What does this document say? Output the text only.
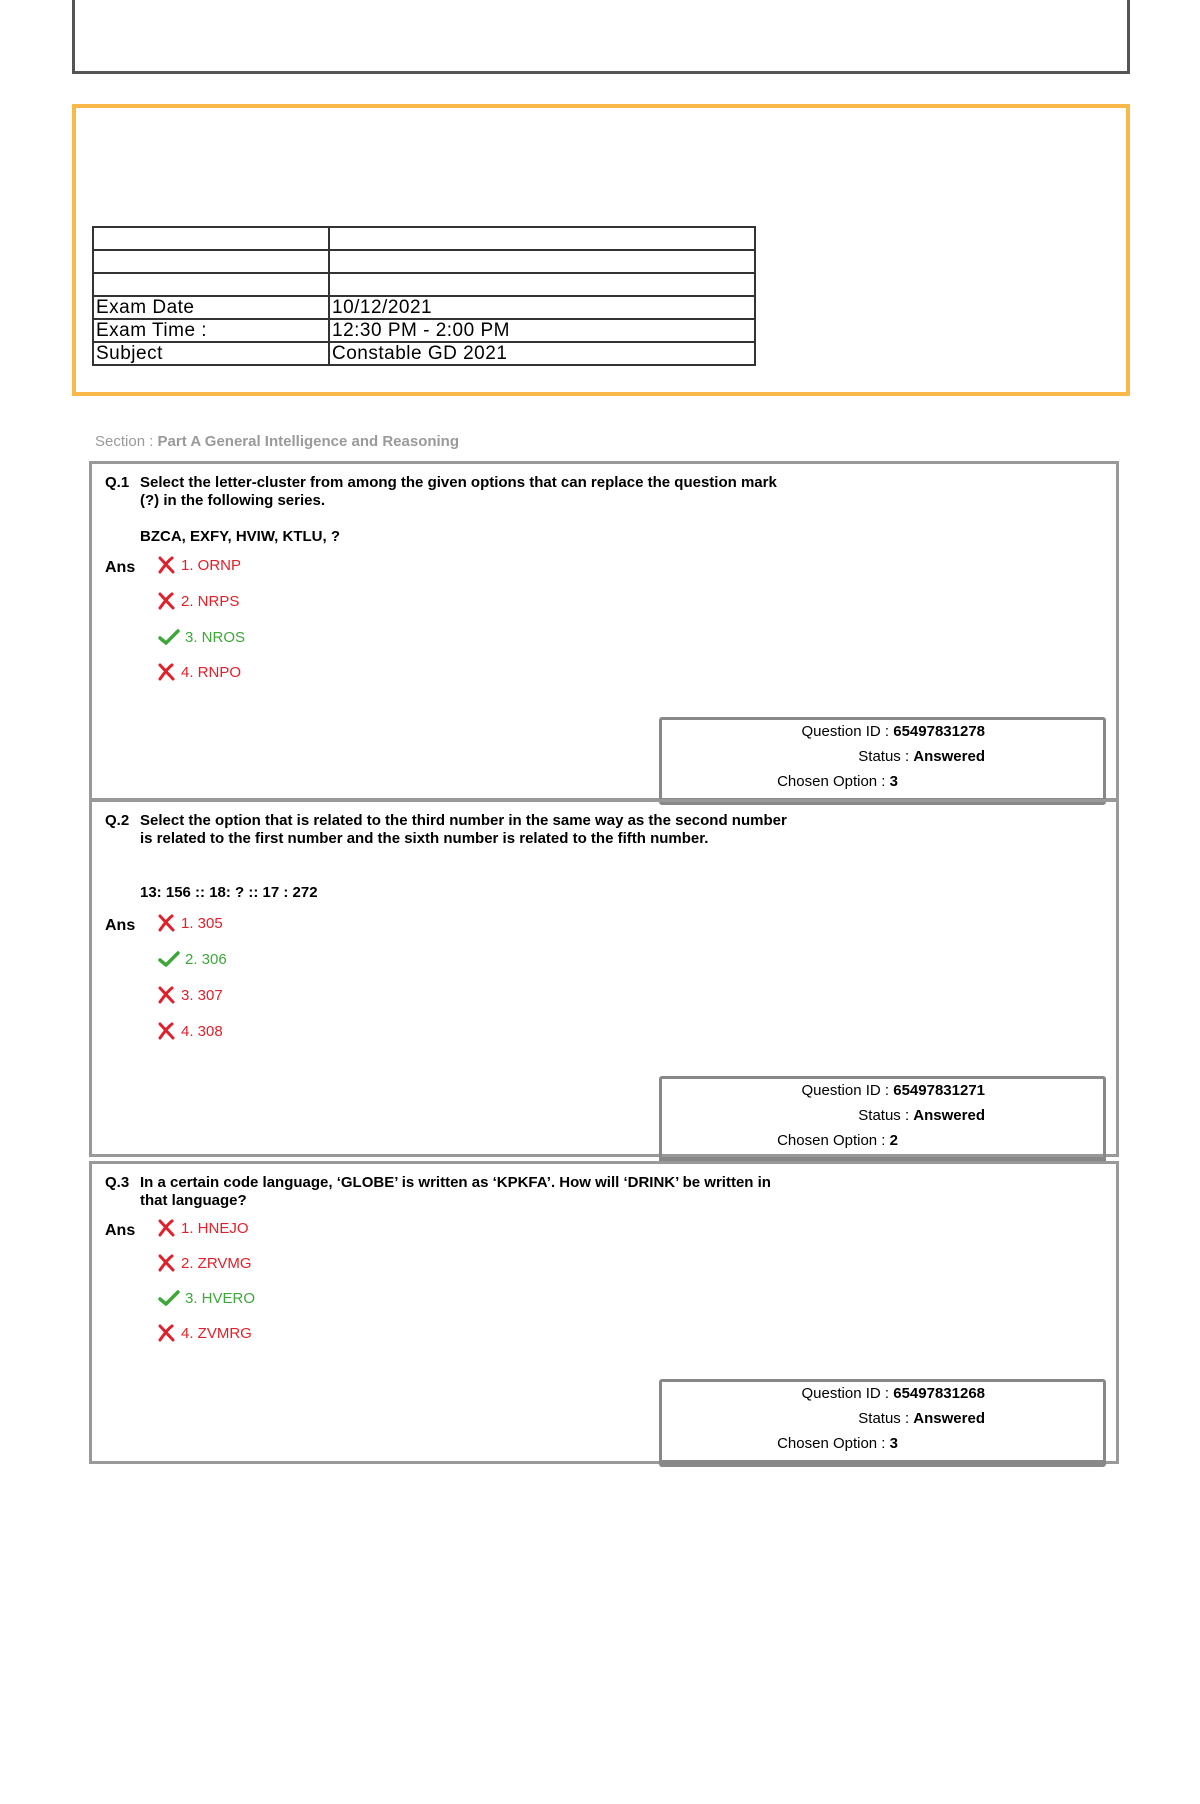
Exam Date	10/12/2021
Exam Time :	12:30 PM - 2:00 PM
Subject	Constable GD 2021
Section : Part A General Intelligence and Reasoning
Q.1 Select the letter-cluster from among the given options that can replace the question mark (?) in the following series.
BZCA, EXFY, HVIW, KTLU, ?
Ans	1. ORNP
2. NRPS
3. NROS
4. RNPO
Question ID : 65497831278
Status : Answered
Chosen Option : 3
Q.2 Select the option that is related to the third number in the same way as the second number is related to the first number and the sixth number is related to the fifth number.
13: 156 :: 18: ? :: 17 : 272
Ans	1. 305
2. 306
3. 307
4. 308
Question ID : 65497831271
Status : Answered
Chosen Option : 2
Q.3 In a certain code language, ‘GLOBE’ is written as ‘KPKFA’. How will ‘DRINK’ be written in that language?
Ans	1. HNEJO
2. ZRVMG
3. HVERO
4. ZVMRG
Question ID : 65497831268
Status : Answered
Chosen Option : 3
